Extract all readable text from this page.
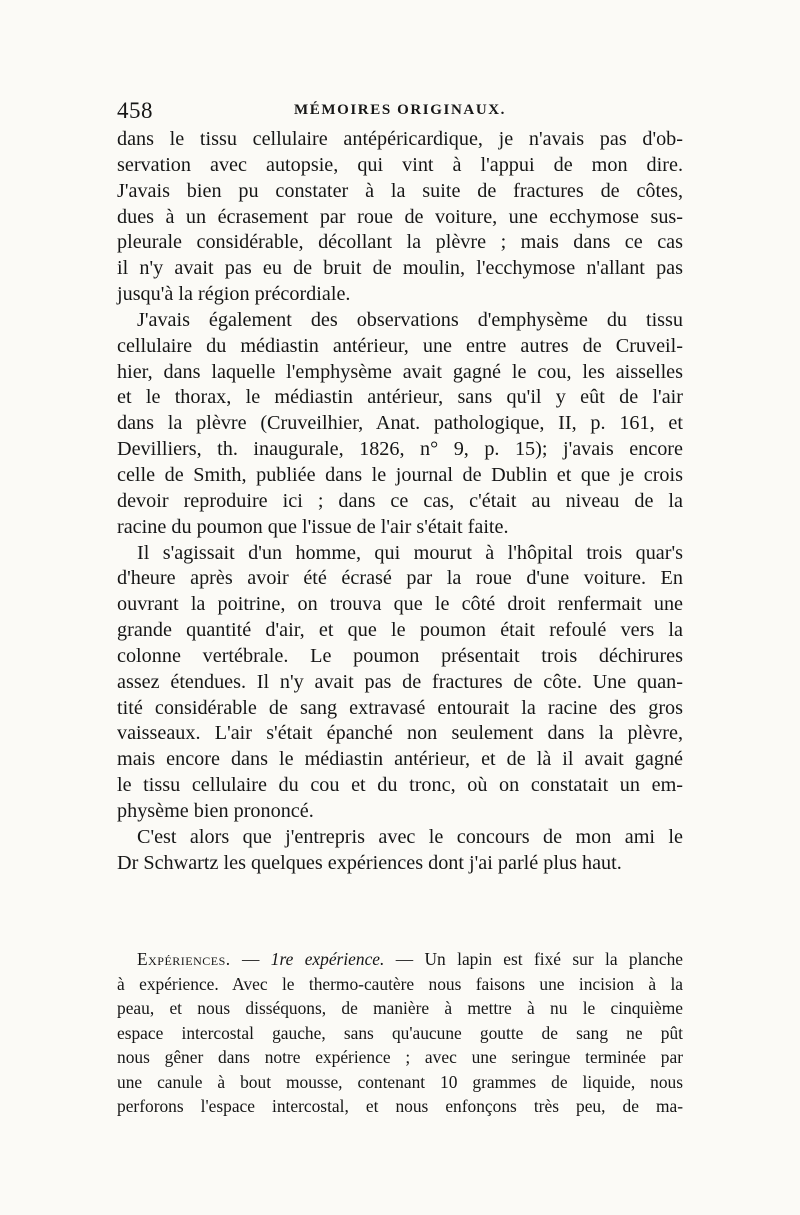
458	MÉMOIRES ORIGINAUX.
dans le tissu cellulaire antépéricardique, je n'avais pas d'ob-
servation avec autopsie, qui vint à l'appui de mon dire.
J'avais bien pu constater à la suite de fractures de côtes,
dues à un écrasement par roue de voiture, une ecchymose sus-
pleurale considérable, décollant la plèvre ; mais dans ce cas
il n'y avait pas eu de bruit de moulin, l'ecchymose n'allant pas
jusqu'à la région précordiale.
J'avais également des observations d'emphysème du tissu
cellulaire du médiastin antérieur, une entre autres de Cruveil-
hier, dans laquelle l'emphysème avait gagné le cou, les aisselles
et le thorax, le médiastin antérieur, sans qu'il y eût de l'air
dans la plèvre (Cruveilhier, Anat. pathologique, II, p. 161, et
Devilliers, th. inaugurale, 1826, n° 9, p. 15); j'avais encore
celle de Smith, publiée dans le journal de Dublin et que je crois
devoir reproduire ici ; dans ce cas, c'était au niveau de la
racine du poumon que l'issue de l'air s'était faite.
Il s'agissait d'un homme, qui mourut à l'hôpital trois quar's
d'heure après avoir été écrasé par la roue d'une voiture. En
ouvrant la poitrine, on trouva que le côté droit renfermait une
grande quantité d'air, et que le poumon était refoulé vers la
colonne vertébrale. Le poumon présentait trois déchirures
assez étendues. Il n'y avait pas de fractures de côte. Une quan-
tité considérable de sang extravasé entourait la racine des gros
vaisseaux. L'air s'était épanché non seulement dans la plèvre,
mais encore dans le médiastin antérieur, et de là il avait gagné
le tissu cellulaire du cou et du tronc, où on constatait un em-
physème bien prononcé.
C'est alors que j'entrepris avec le concours de mon ami le
Dr Schwartz les quelques expériences dont j'ai parlé plus haut.
Expériences. — 1re expérience. — Un lapin est fixé sur la planche
à expérience. Avec le thermo-cautère nous faisons une incision à la
peau, et nous disséquons, de manière à mettre à nu le cinquième
espace intercostal gauche, sans qu'aucune goutte de sang ne pût
nous gêner dans notre expérience ; avec une seringue terminée par
une canule à bout mousse, contenant 10 grammes de liquide, nous
perforons l'espace intercostal, et nous enfonçons très peu, de ma-
